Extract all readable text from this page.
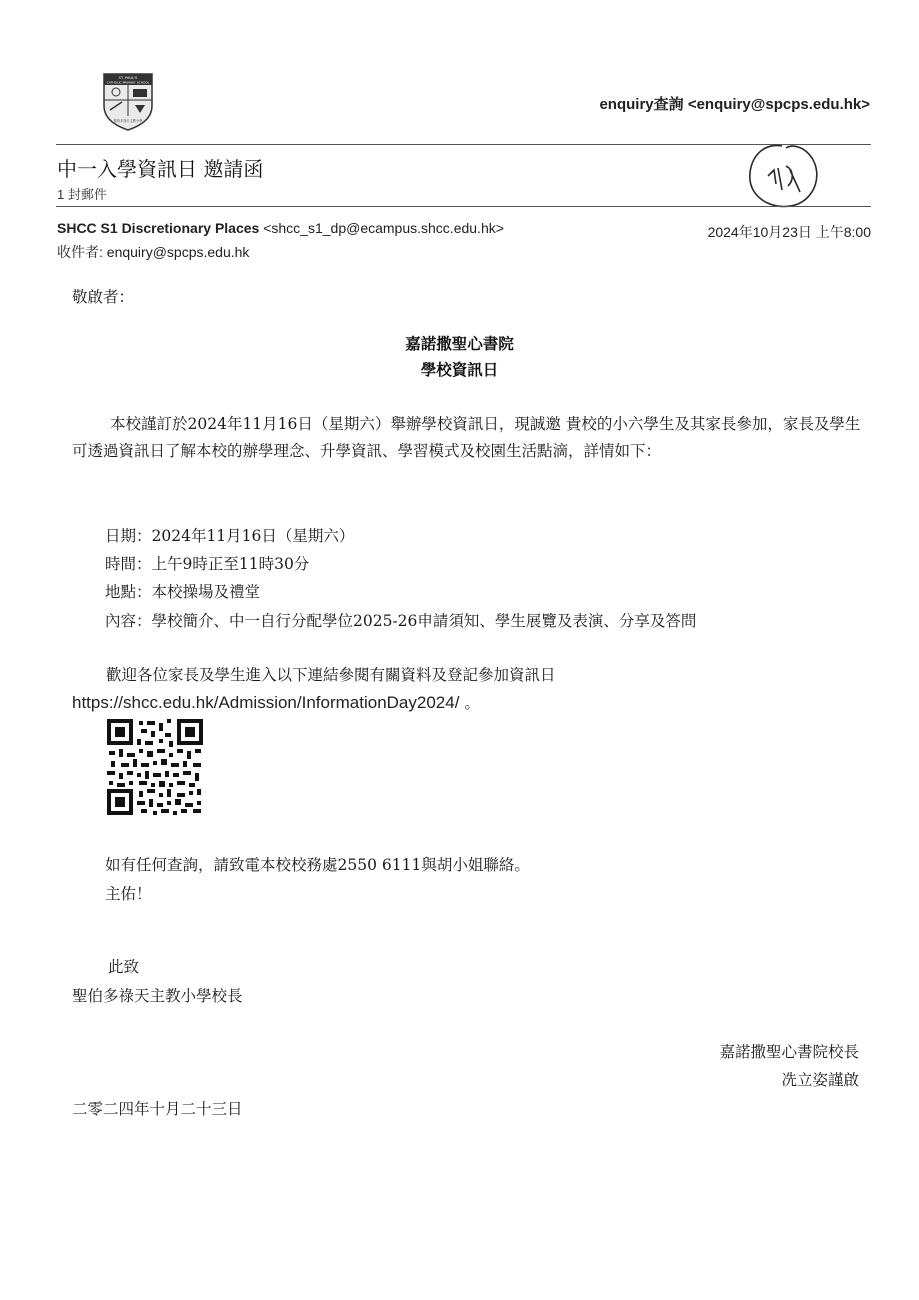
ST. PAUL'S
CATHOLIC PRIMARY SCHOOL
聖伯多祿天主教小學
enquiry查詢 <enquiry@spcps.edu.hk>
中一入學資訊日 邀請函
1 封郵件
SHCC S1 Discretionary Places <shcc_s1_dp@ecampus.shcc.edu.hk>	2024年10月23日 上午8:00
收件者: enquiry@spcps.edu.hk
敬啟者：
嘉諾撒聖心書院
學校資訊日
本校謹訂於2024年11月16日（星期六）舉辦學校資訊日，現誠邀 貴校的小六學生及其家長參加，家長及學生可透過資訊日了解本校的辦學理念、升學資訊、學習模式及校園生活點滴，詳情如下：
日期：2024年11月16日（星期六）
時間：上午9時正至11時30分
地點：本校操場及禮堂
內容：學校簡介、中一自行分配學位2025-26申請須知、學生展覽及表演、分享及答問
歡迎各位家長及學生進入以下連結參閱有關資料及登記參加資訊日 https://shcc.edu.hk/Admission/InformationDay2024/ 。
如有任何查詢，請致電本校校務處2550 6111與胡小姐聯絡。
主佑！
此致
聖伯多祿天主教小學校長
嘉諾撒聖心書院校長
冼立姿謹啟
二零二四年十月二十三日
